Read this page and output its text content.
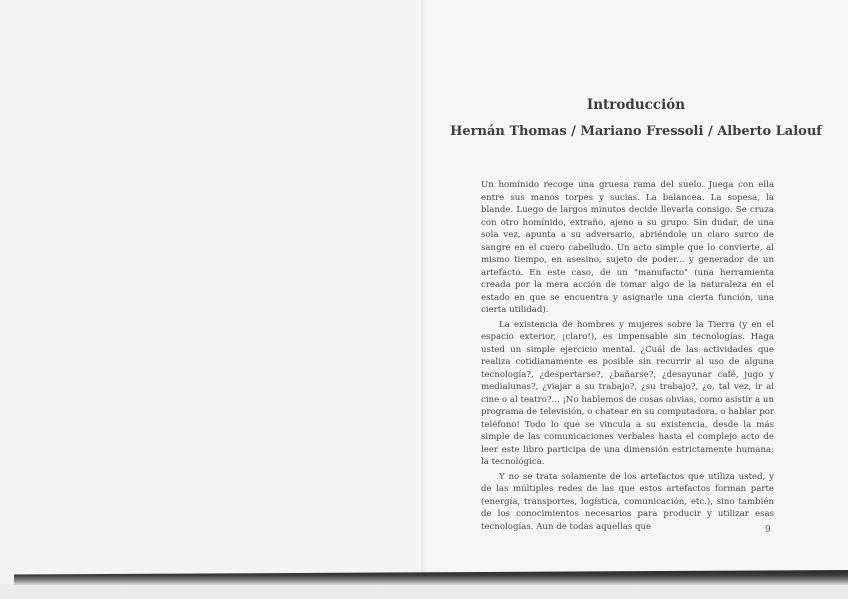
Introducción
Hernán Thomas / Mariano Fressoli / Alberto Lalouf

Un homínido recoge una gruesa rama del suelo. Juega con ella entre sus manos torpes y sucias. La balancea. La sopesa, la blande. Luego de largos minutos decide llevarla consigo. Se cruza con otro homínido, extraño, ajeno a su grupo. Sin dudar, de una sola vez, apunta a su adversario, abriéndole un claro surco de sangre en el cuero cabelludo. Un acto simple que lo convierte, al mismo tiempo, en asesino, sujeto de poder... y generador de un artefacto. En este caso, de un "manufacto" (una herramienta creada por la mera acción de tomar algo de la naturaleza en el estado en que se encuentra y asignarle una cierta función, una cierta utilidad).

La existencia de hombres y mujeres sobre la Tierra (y en el espacio exterior, ¡claro!), es impensable sin tecnologías. Haga usted un simple ejercicio mental. ¿Cuál de las actividades que realiza cotidianamente es posible sin recurrir al uso de alguna tecnología?, ¿despertarse?, ¿bañarse?, ¿desayunar café, jugo y medialunas?, ¿viajar a su trabajo?, ¿su trabajo?, ¿o, tal vez, ir al cine o al teatro?... ¡No hablemos de cosas obvias, como asistir a un programa de televisión, o chatear en su computadora, o hablar por teléfono! Todo lo que se vincula a su existencia, desde la más simple de las comunicaciones verbales hasta el complejo acto de leer este libro participa de una dimensión estrictamente humana: la tecnológica.

Y no se trata solamente de los artefactos que utiliza usted, y de las múltiples redes de las que estos artefactos forman parte (energía, transportes, logística, comunicación, etc.), sino también de los conocimientos necesarios para producir y utilizar esas tecnologías. Aun de todas aquellas que	9
